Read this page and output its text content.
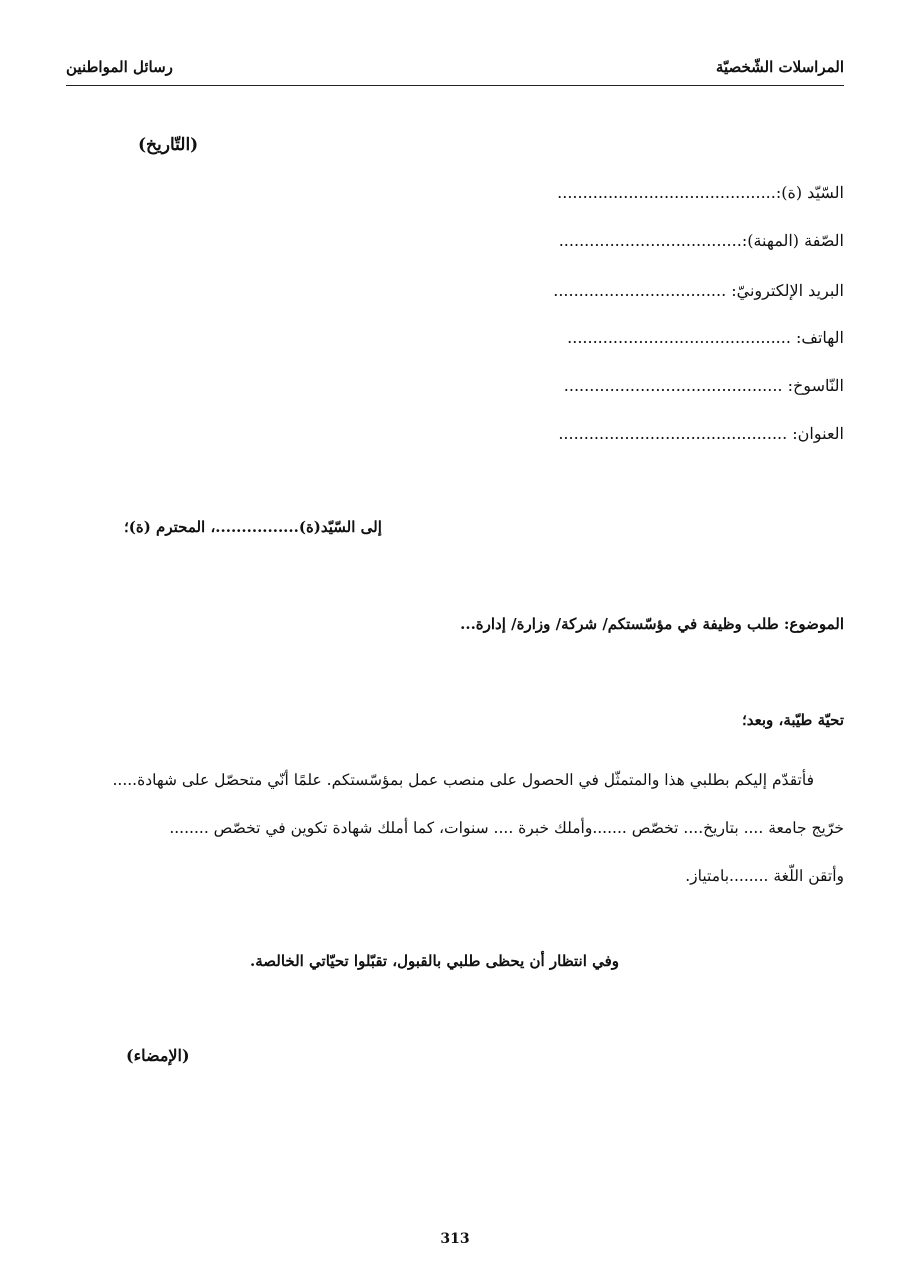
المراسلات الشّخصيّة
رسائل المواطنين
(التّاريخ)
السّيّد (ة):...........................................
الصّفة (المهنة):....................................
البريد الإلكترونيّ: ..................................
الهاتف: ............................................
النّاسوخ: ...........................................
العنوان: .............................................
إلى السّيّد(ة)................، المحترم (ة)؛
الموضوع: طلب وظيفة في مؤسّستكم/ شركة/ وزارة/ إدارة...
تحيّة طيّبة، وبعد؛

فأتقدّم إليكم بطلبي هذا والمتمثّل في الحصول على منصب عمل بمؤسّستكم. علمًا أنّي متحصّل على شهادة.....

خرّيج جامعة .... بتاريخ.... تخصّص .......وأملك خبرة .... سنوات، كما أملك شهادة تكوين في تخصّص ........

وأتقن اللّغة ........بامتياز.

وفي انتظار أن يحظى طلبي بالقبول، تقبّلوا تحيّاتي الخالصة.
(الإمضاء)
313
